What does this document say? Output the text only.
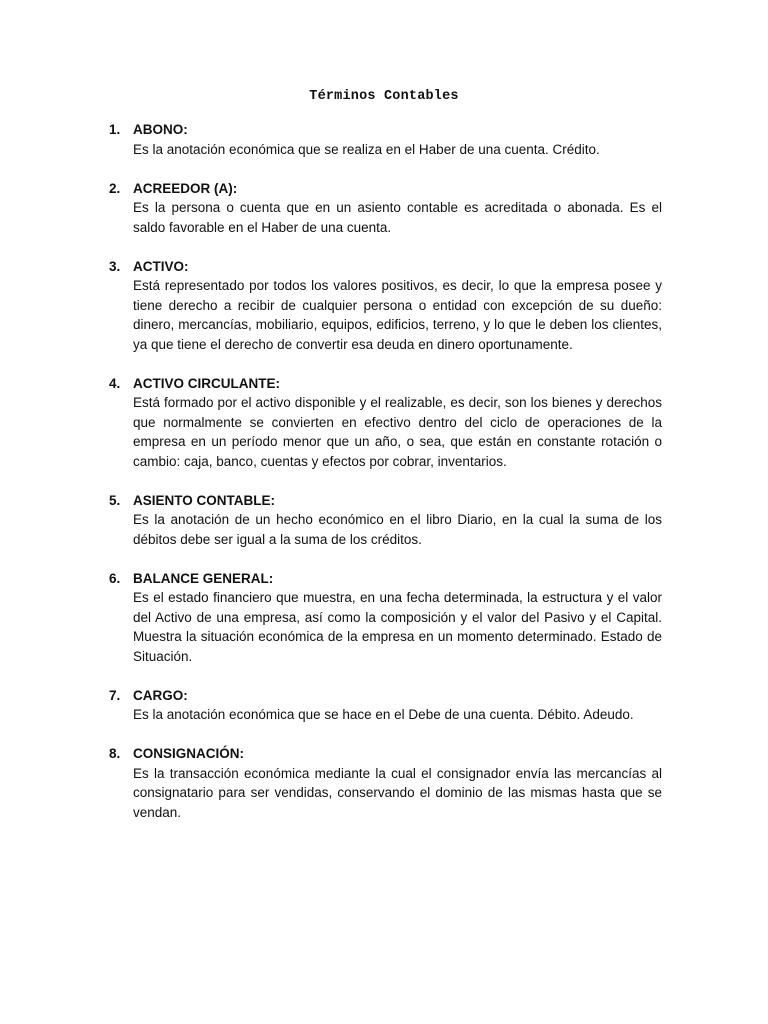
Términos Contables
1. ABONO:

Es la anotación económica que se realiza en el Haber de una cuenta. Crédito.

2. ACREEDOR (A):

Es la persona o cuenta que en un asiento contable es acreditada o abonada. Es el saldo favorable en el Haber de una cuenta.

3. ACTIVO:

Está representado por todos los valores positivos, es decir, lo que la empresa posee y tiene derecho a recibir de cualquier persona o entidad con excepción de su dueño: dinero, mercancías, mobiliario, equipos, edificios, terreno, y lo que le deben los clientes, ya que tiene el derecho de convertir esa deuda en dinero oportunamente.

4. ACTIVO CIRCULANTE:

Está formado por el activo disponible y el realizable, es decir, son los bienes y derechos que normalmente se convierten en efectivo dentro del ciclo de operaciones de la empresa en un período menor que un año, o sea, que están en constante rotación o cambio: caja, banco, cuentas y efectos por cobrar, inventarios.

5. ASIENTO CONTABLE:

Es la anotación de un hecho económico en el libro Diario, en la cual la suma de los débitos debe ser igual a la suma de los créditos.

6. BALANCE GENERAL:

Es el estado financiero que muestra, en una fecha determinada, la estructura y el valor del Activo de una empresa, así como la composición y el valor del Pasivo y el Capital. Muestra la situación económica de la empresa en un momento determinado. Estado de Situación.

7. CARGO:

Es la anotación económica que se hace en el Debe de una cuenta. Débito. Adeudo.

8. CONSIGNACIÓN:

Es la transacción económica mediante la cual el consignador envía las mercancías al consignatario para ser vendidas, conservando el dominio de las mismas hasta que se vendan.
